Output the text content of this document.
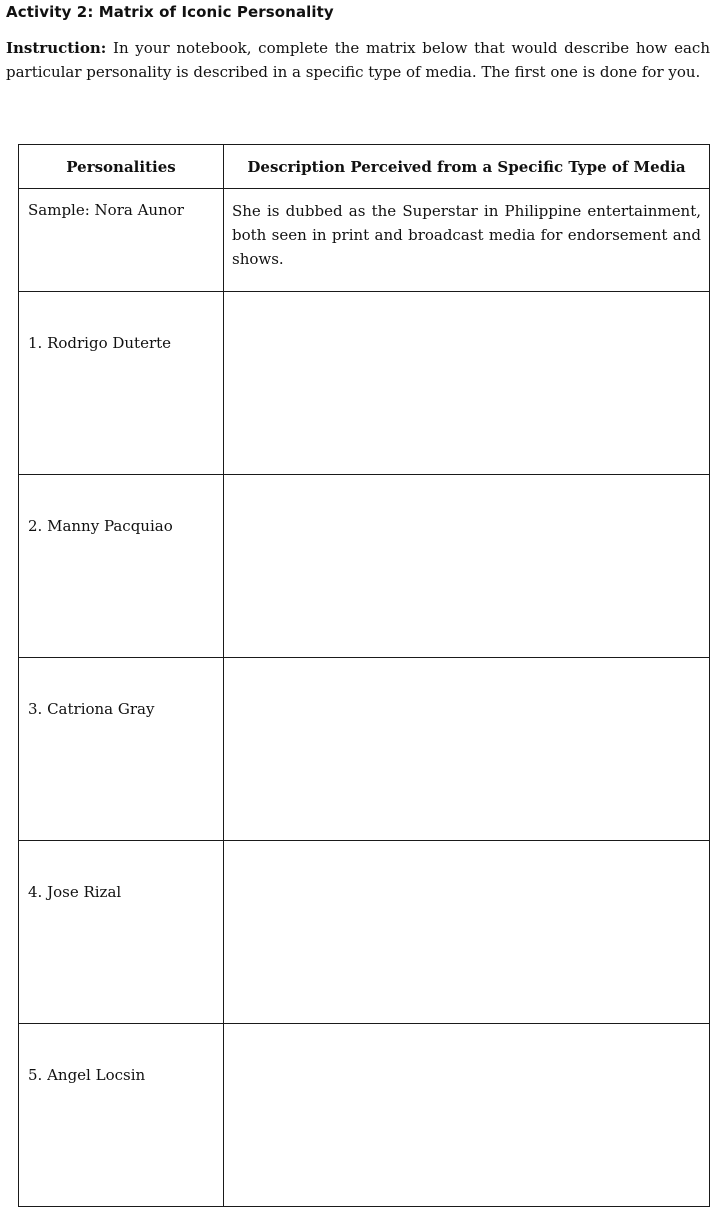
Activity 2: Matrix of Iconic Personality
Instruction: In your notebook, complete the matrix below that would describe how each particular personality is described in a specific type of media. The first one is done for you.
Personalities	Description Perceived from a Specific Type of Media
Sample: Nora Aunor	She is dubbed as the Superstar in Philippine entertainment, both seen in print and broadcast media for endorsement and shows.
1. Rodrigo Duterte	
2. Manny Pacquiao	
3. Catriona Gray	
4. Jose Rizal	
5. Angel Locsin	
